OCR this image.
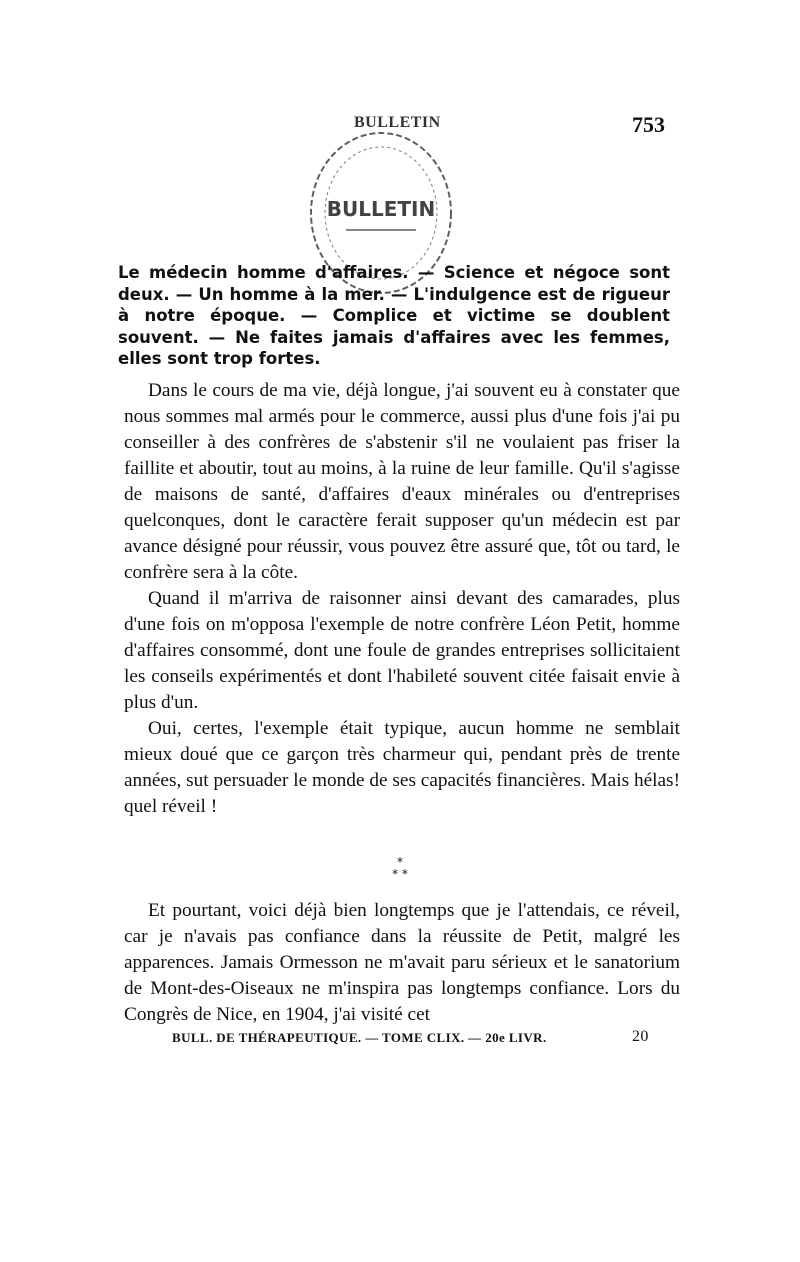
BULLETIN	753
BULLETIN
Le médecin homme d'affaires. — Science et négoce sont deux. — Un homme à la mer. — L'indulgence est de rigueur à notre époque. — Complice et victime se doublent souvent. — Ne faites jamais d'affaires avec les femmes, elles sont trop fortes.

Dans le cours de ma vie, déjà longue, j'ai souvent eu à constater que nous sommes mal armés pour le commerce, aussi plus d'une fois j'ai pu conseiller à des confrères de s'abstenir s'il ne voulaient pas friser la faillite et aboutir, tout au moins, à la ruine de leur famille. Qu'il s'agisse de maisons de santé, d'affaires d'eaux minérales ou d'entreprises quelconques, dont le caractère ferait supposer qu'un médecin est par avance désigné pour réussir, vous pouvez être assuré que, tôt ou tard, le confrère sera à la côte.

Quand il m'arriva de raisonner ainsi devant des camarades, plus d'une fois on m'opposa l'exemple de notre confrère Léon Petit, homme d'affaires consommé, dont une foule de grandes entreprises sollicitaient les conseils expérimentés et dont l'habileté souvent citée faisait envie à plus d'un.

Oui, certes, l'exemple était typique, aucun homme ne semblait mieux doué que ce garçon très charmeur qui, pendant près de trente années, sut persuader le monde de ses capacités financières. Mais hélas! quel réveil !

*
* *

Et pourtant, voici déjà bien longtemps que je l'attendais, ce réveil, car je n'avais pas confiance dans la réussite de Petit, malgré les apparences. Jamais Ormesson ne m'avait paru sérieux et le sanatorium de Mont-des-Oiseaux ne m'inspira pas longtemps confiance. Lors du Congrès de Nice, en 1904, j'ai visité cet

BULL. DE THÉRAPEUTIQUE. — TOME CLIX. — 20e LIVR.	20
